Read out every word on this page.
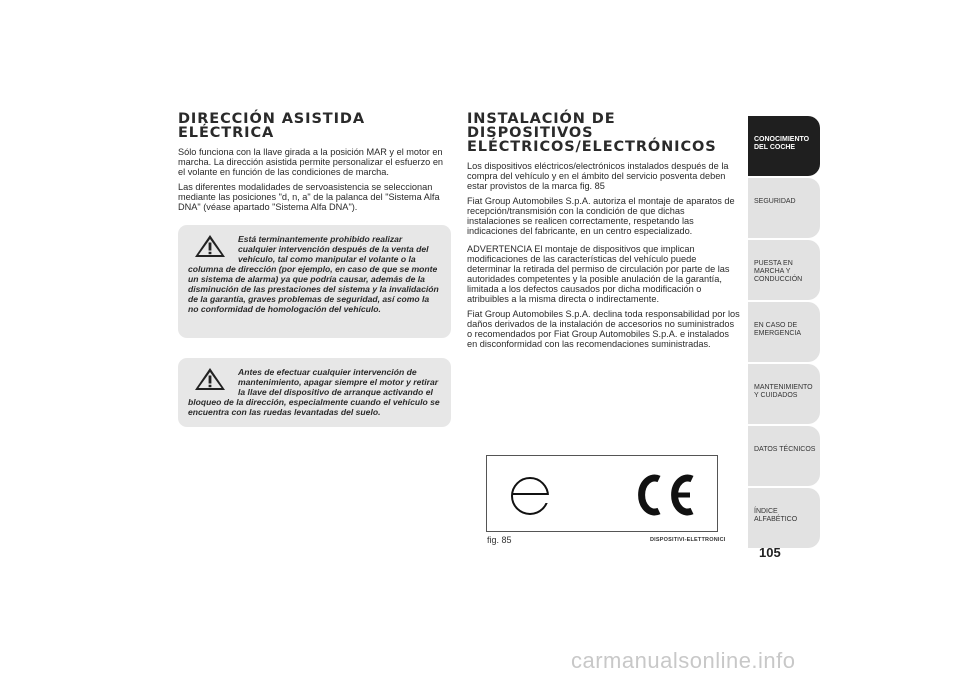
DIRECCIÓN ASISTIDA ELÉCTRICA

Sólo funciona con la llave girada a la posición MAR y el motor en marcha. La dirección asistida permite personalizar el esfuerzo en el volante en función de las condiciones de marcha.

Las diferentes modalidades de servoasistencia se seleccionan mediante las posiciones "d, n, a" de la palanca del "Sistema Alfa DNA" (véase apartado "Sistema Alfa DNA").

Está terminantemente prohibido realizar cualquier intervención después de la venta del vehículo, tal como manipular el volante o la columna de dirección (por ejemplo, en caso de que se monte un sistema de alarma) ya que podría causar, además de la disminución de las prestaciones del sistema y la invalidación de la garantía, graves problemas de seguridad, así como la no conformidad de homologación del vehículo.

Antes de efectuar cualquier intervención de mantenimiento, apagar siempre el motor y retirar la llave del dispositivo de arranque activando el bloqueo de la dirección, especialmente cuando el vehículo se encuentra con las ruedas levantadas del suelo.

INSTALACIÓN DE DISPOSITIVOS ELÉCTRICOS/ELECTRÓNICOS

Los dispositivos eléctricos/electrónicos instalados después de la compra del vehículo y en el ámbito del servicio posventa deben estar provistos de la marca fig. 85

Fiat Group Automobiles S.p.A. autoriza el montaje de aparatos de recepción/transmisión con la condición de que dichas instalaciones se realicen correctamente, respetando las indicaciones del fabricante, en un centro especializado.

ADVERTENCIA El montaje de dispositivos que implican modificaciones de las características del vehículo puede determinar la retirada del permiso de circulación por parte de las autoridades competentes y la posible anulación de la garantía, limitada a los defectos causados por dicha modificación o atribuibles a la misma directa o indirectamente.

Fiat Group Automobiles S.p.A. declina toda responsabilidad por los daños derivados de la instalación de accesorios no suministrados o recomendados por Fiat Group Automobiles S.p.A. e instalados en disconformidad con las recomendaciones suministradas.

fig. 85	DISPOSITIVI-ELETTRONICI
CONOCIMIENTO DEL COCHE
SEGURIDAD
PUESTA EN MARCHA Y CONDUCCIÓN
EN CASO DE EMERGENCIA
MANTENIMIENTO Y CUIDADOS
DATOS TÉCNICOS
ÍNDICE ALFABÉTICO
105
carmanualsonline.info
